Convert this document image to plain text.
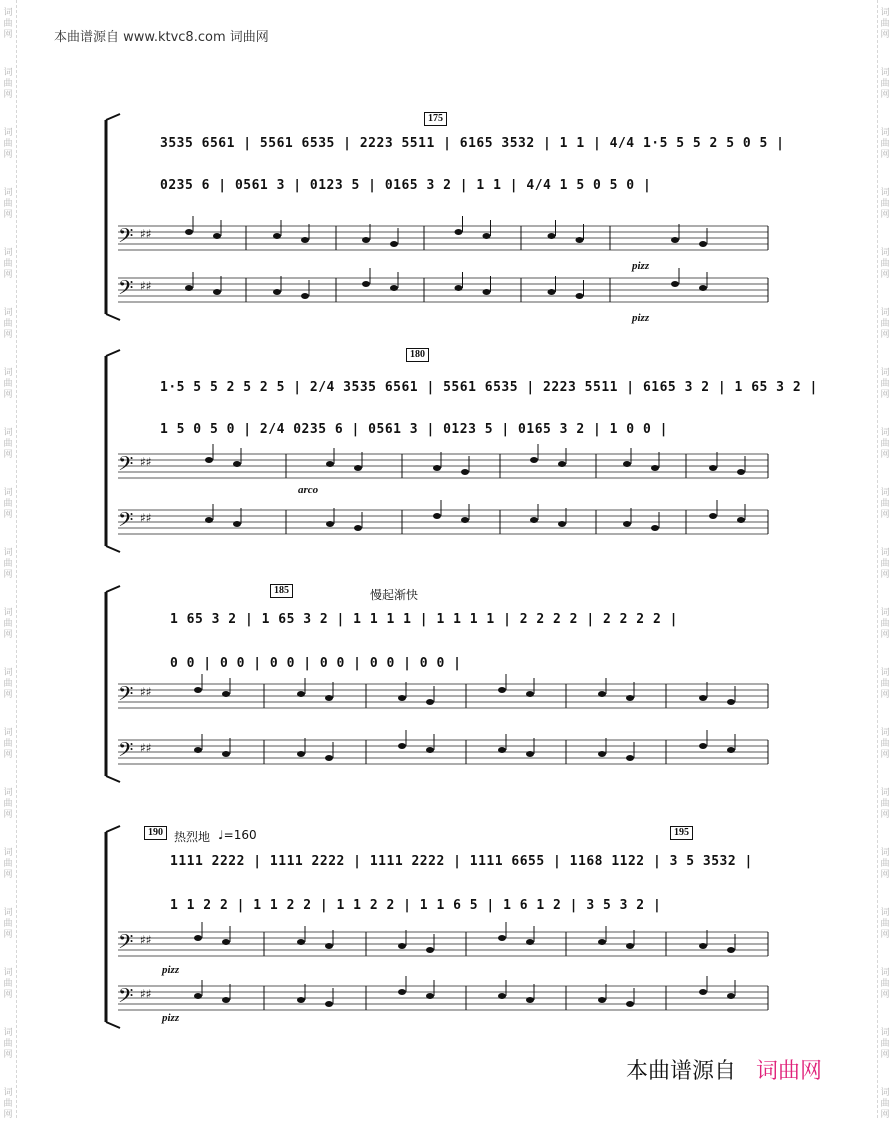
词
曲
网
词
曲
网
词
曲
网
词
曲
网
词
曲
网
词
曲
网
词
曲
网
词
曲
网
词
曲
网
词
曲
网
词
曲
网
词
曲
网
词
曲
网
词
曲
网
词
曲
网
词
曲
网
词
曲
网
词
曲
网
词
曲
网
词
曲
网
词
曲
网
词
曲
网
词
曲
网
词
曲
网
词
曲
网
词
曲
网
词
曲
网
词
曲
网
词
曲
网
词
曲
网
词
曲
网
词
曲
网
词
曲
网
词
曲
网
词
曲
网
词
曲
网
词
曲
网
词
曲
网
本曲谱源自 www.ktvc8.com 词曲网
175
3535 6561 | 5561 6535 | 2223 5511 | 6165 3532 | 1 1 | 4/4 1·5 5 5 2 5 0 5 |
0235 6 | 0561 3 | 0123 5 | 0165 3 2 | 1 1 | 4/4 1 5 0 5 0 |
pizz
pizz
180
1·5 5 5 2 5 2 5 | 2/4 3535 6561 | 5561 6535 | 2223 5511 | 6165 3 2 | 1 65 3 2 |
1 5 0 5 0 | 2/4 0235 6 | 0561 3 | 0123 5 | 0165 3 2 | 1 0 0 |
arco
185	慢起渐快
1 65 3 2 | 1 65 3 2 | 1 1 1 1 | 1 1 1 1 | 2 2 2 2 | 2 2 2 2 |
0 0 | 0 0 | 0 0 | 0 0 | 0 0 | 0 0 |
190 热烈地 ♩=160	195
1111 2222 | 1111 2222 | 1111 2222 | 1111 6655 | 1168 1122 | 3 5 3532 |
1 1 2 2 | 1 1 2 2 | 1 1 2 2 | 1 1 6 5 | 1 6 1 2 | 3 5 3 2 |
pizz
pizz
𝄢 ♯♯
𝄢 ♯♯
𝄢 ♯♯
𝄢 ♯♯
𝄢 ♯♯
𝄢 ♯♯
𝄢 ♯♯
𝄢 ♯♯
本曲谱源自 词曲网
